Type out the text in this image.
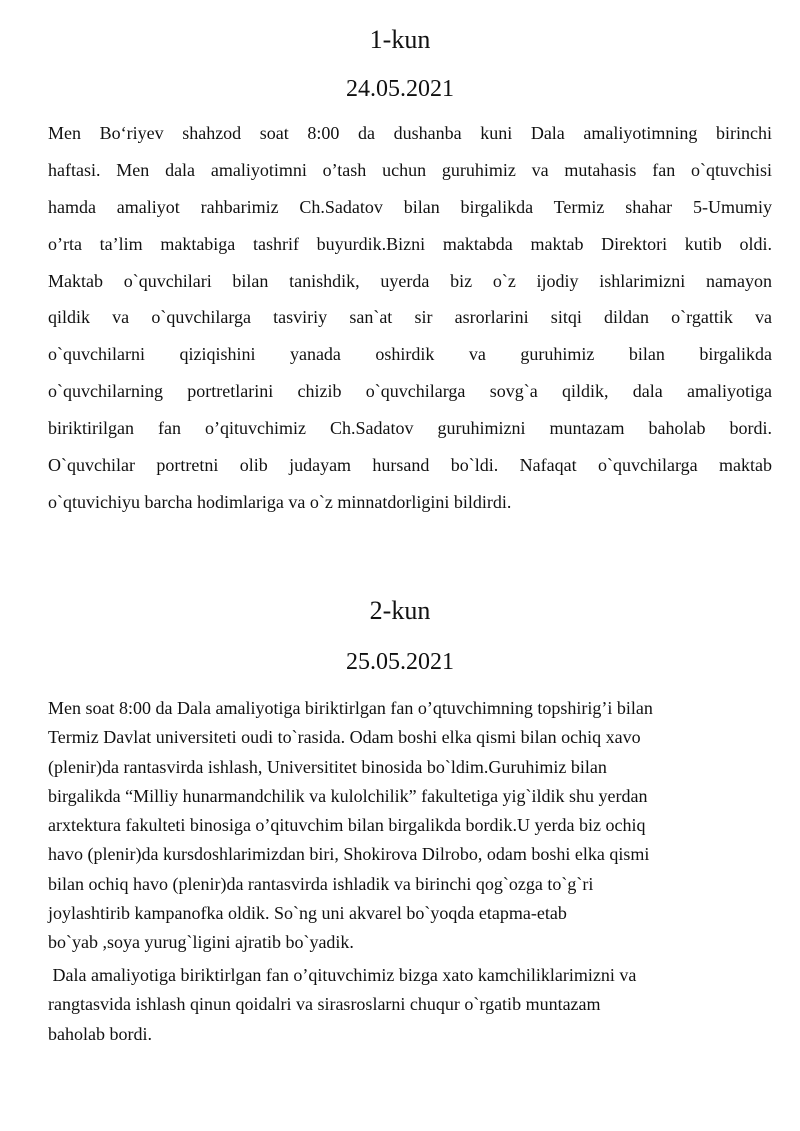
1-kun
24.05.2021
Men Bo‘riyev shahzod soat 8:00 da dushanba kuni Dala amaliyotimning birinchi
haftasi. Men dala amaliyotimni o’tash uchun guruhimiz va mutahasis fan o`qtuvchisi
hamda amaliyot rahbarimiz Ch.Sadatov bilan birgalikda Termiz shahar 5-Umumiy
o’rta ta’lim maktabiga tashrif buyurdik.Bizni maktabda maktab Direktori kutib oldi.
Maktab o`quvchilari bilan tanishdik, uyerda biz o`z ijodiy ishlarimizni namayon
qildik va o`quvchilarga tasviriy san`at sir asrorlarini sitqi dildan o`rgattik va
o`quvchilarni qiziqishini yanada oshirdik va guruhimiz bilan birgalikda
o`quvchilarning portretlarini chizib o`quvchilarga sovg`a qildik, dala amaliyotiga
biriktirilgan fan o’qituvchimiz Ch.Sadatov guruhimizni muntazam baholab bordi.
O`quvchilar portretni olib judayam hursand bo`ldi. Nafaqat o`quvchilarga maktab
o`qtuvichiyu barcha hodimlariga va o`z minnatdorligini bildirdi.
2-kun
25.05.2021
Men soat 8:00 da Dala amaliyotiga biriktirlgan fan o’qtuvchimning topshirig’i bilan
Termiz Davlat universiteti oudi to`rasida. Odam boshi elka qismi bilan ochiq xavo
(plenir)da rantasvirda ishlash, Universititet binosida bo`ldim.Guruhimiz bilan
birgalikda “Milliy hunarmandchilik va kulolchilik” fakultetiga yig`ildik shu yerdan
arxtektura fakulteti binosiga o’qituvchim bilan birgalikda bordik.U yerda biz ochiq
havo (plenir)da kursdoshlarimizdan biri, Shokirova Dilrobo, odam boshi elka qismi
bilan ochiq havo (plenir)da rantasvirda ishladik va birinchi qog`ozga to`g`ri
joylashtirib kampanofka oldik. So`ng uni akvarel bo`yoqda etapma-etab
bo`yab ,soya yurug`ligini ajratib bo`yadik.
Dala amaliyotiga biriktirlgan fan o’qituvchimiz bizga xato kamchiliklarimizni va
rangtasvida ishlash qinun qoidalri va sirasroslarni chuqur o`rgatib muntazam
baholab bordi.
